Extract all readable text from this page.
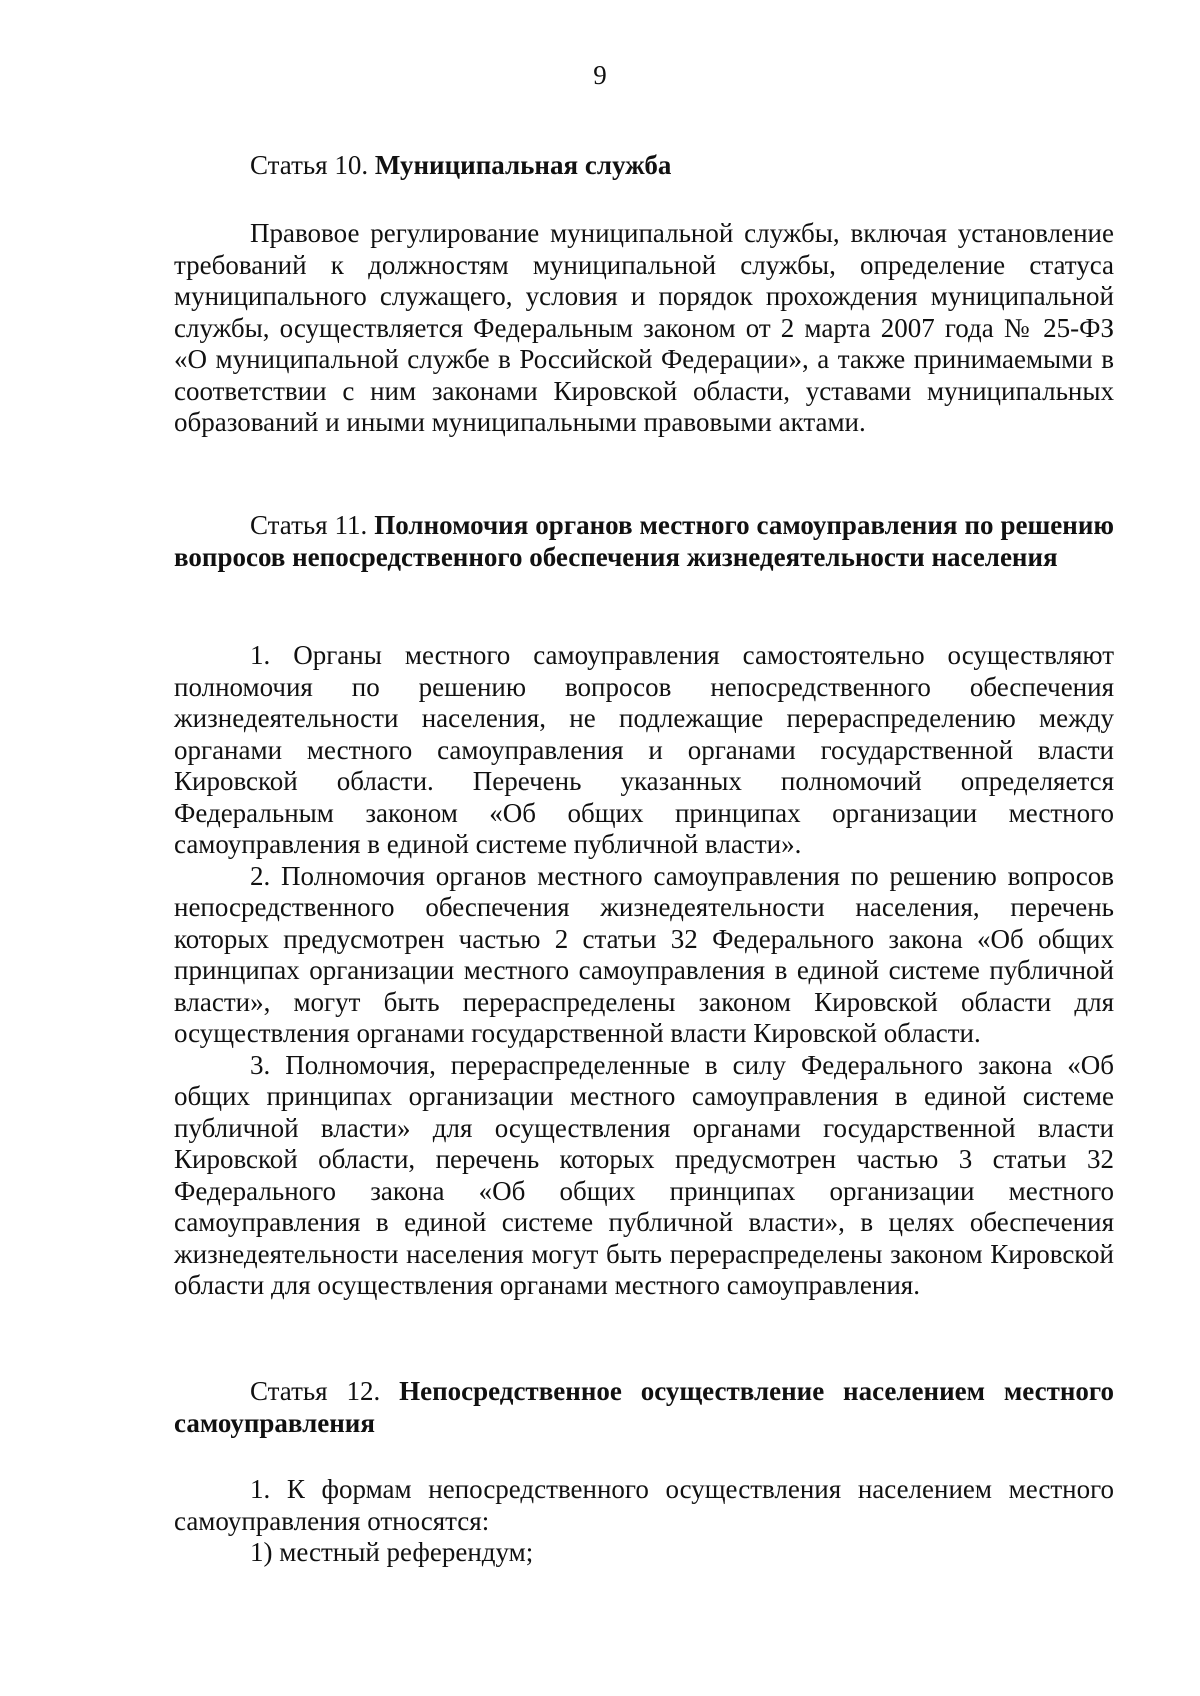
9

Статья 10. Муниципальная служба

Правовое регулирование муниципальной службы, включая установление требований к должностям муниципальной службы, определение статуса муниципального служащего, условия и порядок прохождения муниципальной службы, осуществляется Федеральным законом от 2 марта 2007 года № 25-ФЗ «О муниципальной службе в Российской Федерации», а также принимаемыми в соответствии с ним законами Кировской области, уставами муниципальных образований и иными муниципальными правовыми актами.

Статья 11. Полномочия органов местного самоуправления по решению вопросов непосредственного обеспечения жизнедеятельности населения

1. Органы местного самоуправления самостоятельно осуществляют полномочия по решению вопросов непосредственного обеспечения жизнедеятельности населения, не подлежащие перераспределению между органами местного самоуправления и органами государственной власти Кировской области. Перечень указанных полномочий определяется Федеральным законом «Об общих принципах организации местного самоуправления в единой системе публичной власти».

2. Полномочия органов местного самоуправления по решению вопросов непосредственного обеспечения жизнедеятельности населения, перечень которых предусмотрен частью 2 статьи 32 Федерального закона «Об общих принципах организации местного самоуправления в единой системе публичной власти», могут быть перераспределены законом Кировской области для осуществления органами государственной власти Кировской области.

3. Полномочия, перераспределенные в силу Федерального закона «Об общих принципах организации местного самоуправления в единой системе публичной власти» для осуществления органами государственной власти Кировской области, перечень которых предусмотрен частью 3 статьи 32 Федерального закона «Об общих принципах организации местного самоуправления в единой системе публичной власти», в целях обеспечения жизнедеятельности населения могут быть перераспределены законом Кировской области для осуществления органами местного самоуправления.

Статья 12. Непосредственное осуществление населением местного самоуправления

1. К формам непосредственного осуществления населением местного самоуправления относятся:

1) местный референдум;
